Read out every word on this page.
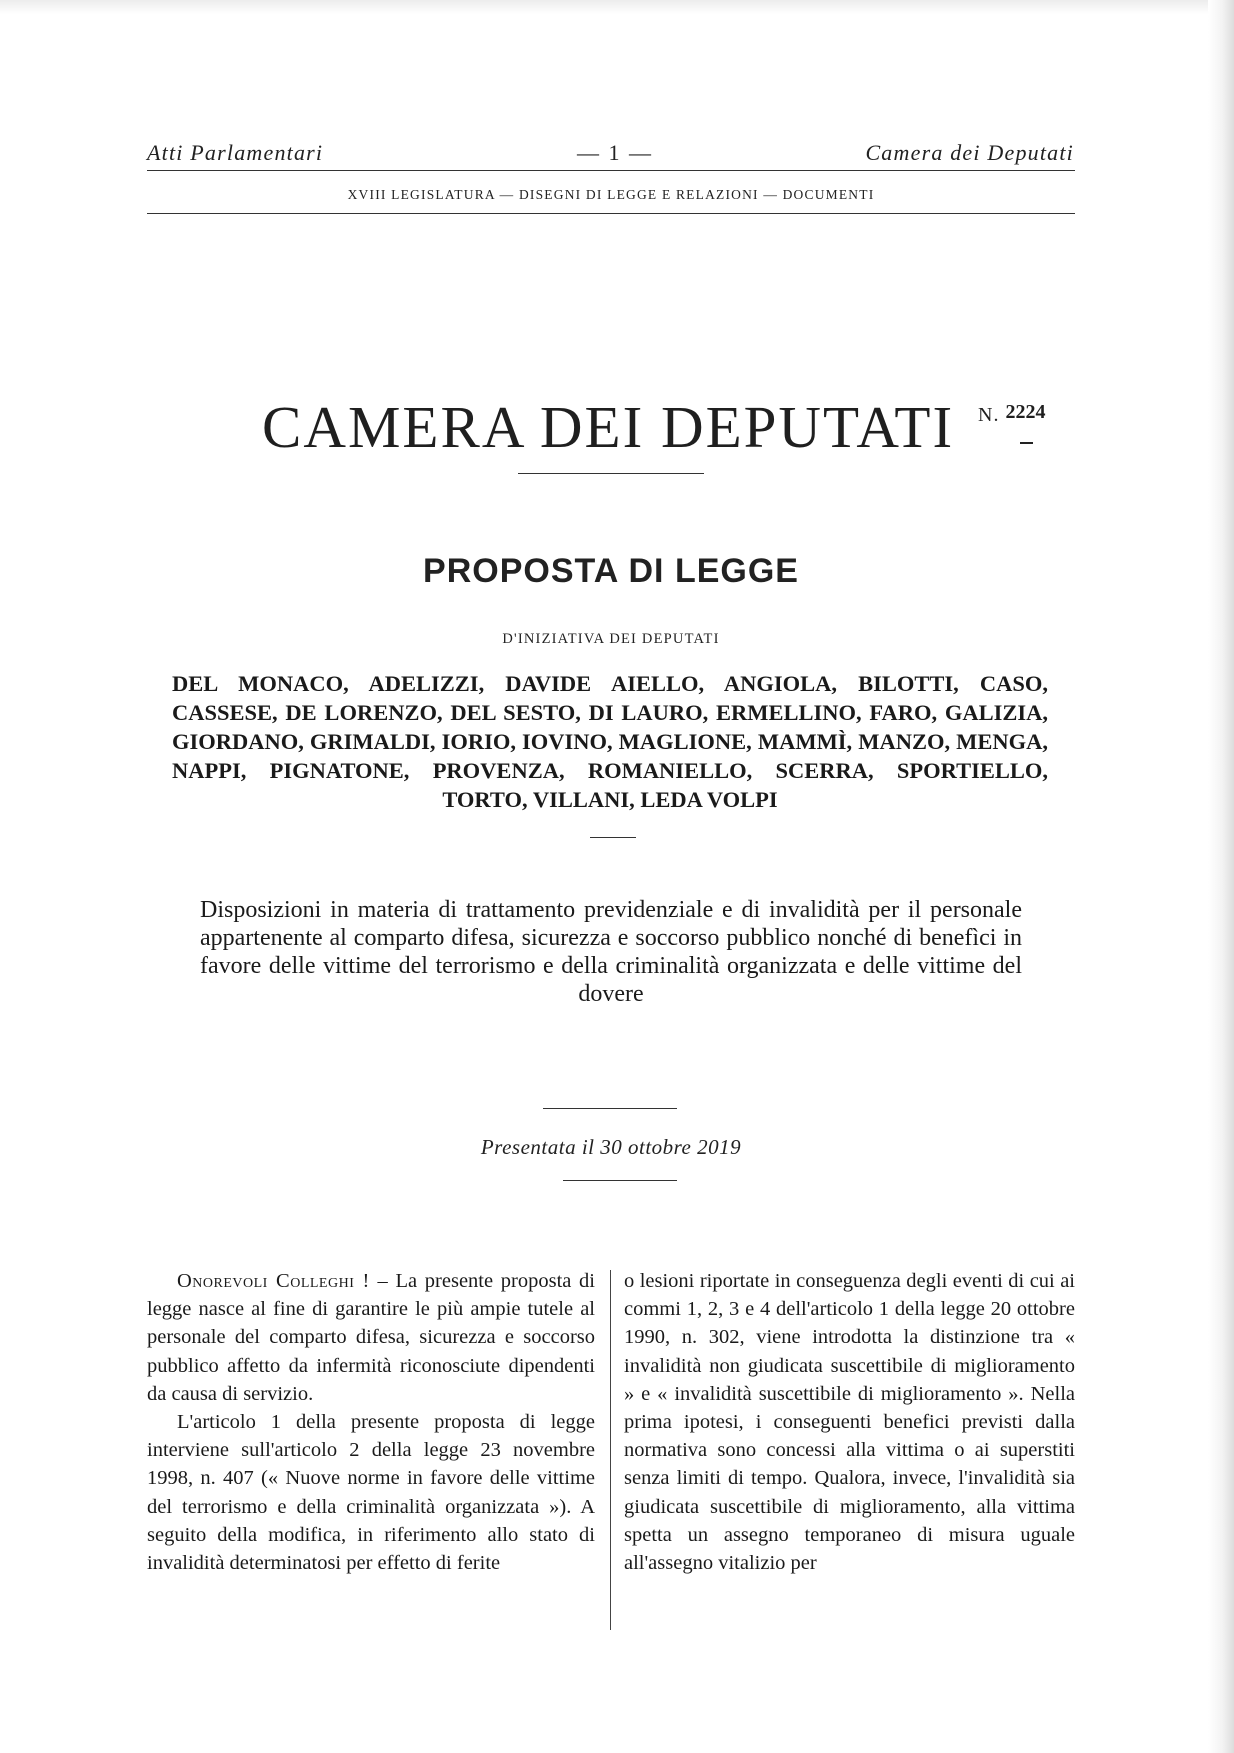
Atti Parlamentari	— 1 —	Camera dei Deputati
XVIII LEGISLATURA — DISEGNI DI LEGGE E RELAZIONI — DOCUMENTI
CAMERA DEI DEPUTATI	N. 2224
PROPOSTA DI LEGGE
D'INIZIATIVA DEI DEPUTATI
DEL MONACO, ADELIZZI, DAVIDE AIELLO, ANGIOLA, BILOTTI, CASO, CASSESE, DE LORENZO, DEL SESTO, DI LAURO, ERMELLINO, FARO, GALIZIA, GIORDANO, GRIMALDI, IORIO, IOVINO, MAGLIONE, MAMMÌ, MANZO, MENGA, NAPPI, PIGNATONE, PROVENZA, ROMANIELLO, SCERRA, SPORTIELLO, TORTO, VILLANI, LEDA VOLPI
Disposizioni in materia di trattamento previdenziale e di invalidità per il personale appartenente al comparto difesa, sicurezza e soccorso pubblico nonché di benefìci in favore delle vittime del terrorismo e della criminalità organizzata e delle vittime del dovere
Presentata il 30 ottobre 2019

Onorevoli Colleghi ! – La presente proposta di legge nasce al fine di garantire le più ampie tutele al personale del comparto difesa, sicurezza e soccorso pubblico affetto da infermità riconosciute dipendenti da causa di servizio.

L'articolo 1 della presente proposta di legge interviene sull'articolo 2 della legge 23 novembre 1998, n. 407 (« Nuove norme in favore delle vittime del terrorismo e della criminalità organizzata »). A seguito della modifica, in riferimento allo stato di invalidità determinatosi per effetto di ferite

o lesioni riportate in conseguenza degli eventi di cui ai commi 1, 2, 3 e 4 dell'articolo 1 della legge 20 ottobre 1990, n. 302, viene introdotta la distinzione tra « invalidità non giudicata suscettibile di miglioramento » e « invalidità suscettibile di miglioramento ». Nella prima ipotesi, i conseguenti benefici previsti dalla normativa sono concessi alla vittima o ai superstiti senza limiti di tempo. Qualora, invece, l'invalidità sia giudicata suscettibile di miglioramento, alla vittima spetta un assegno temporaneo di misura uguale all'assegno vitalizio per
